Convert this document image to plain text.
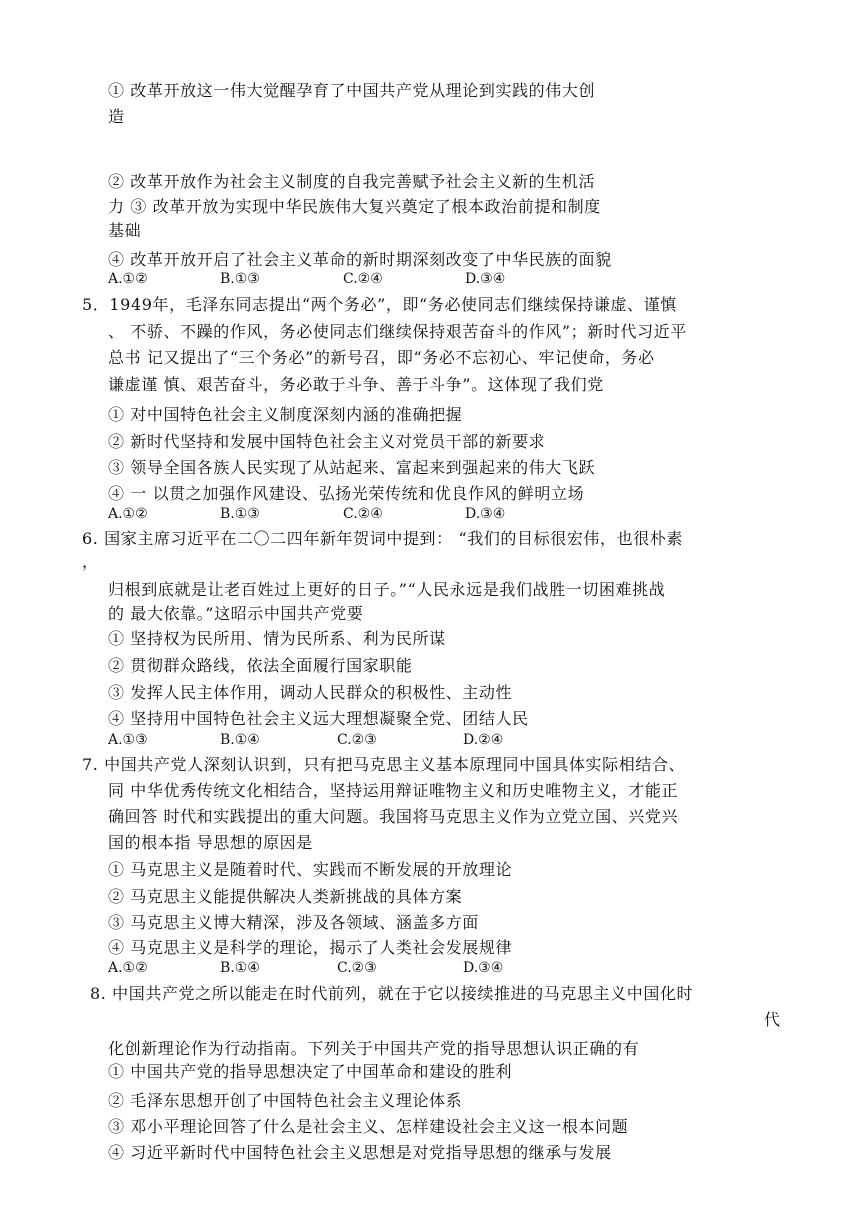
① 改革开放这一伟大觉醒孕育了中国共产党从理论到实践的伟大创
造
② 改革开放作为社会主义制度的自我完善赋予社会主义新的生机活
力 ③ 改革开放为实现中华民族伟大复兴奠定了根本政治前提和制度
基础
④ 改革开放开启了社会主义革命的新时期深刻改变了中华民族的面貌
A.①②	B.①③	C.②④	D.③④
5．1949年，毛泽东同志提出“两个务必”，即“务必使同志们继续保持谦虚、谨慎
、 不骄、不躁的作风，务必使同志们继续保持艰苦奋斗的作风”；新时代习近平
总书 记又提出了“三个务必”的新号召，即“务必不忘初心、牢记使命，务必
谦虚谨 慎、艰苦奋斗，务必敢于斗争、善于斗争”。这体现了我们党
① 对中国特色社会主义制度深刻内涵的准确把握
② 新时代坚持和发展中国特色社会主义对党员干部的新要求
③ 领导全国各族人民实现了从站起来、富起来到强起来的伟大飞跃
④ 一 以贯之加强作风建设、弘扬光荣传统和优良作风的鲜明立场
A.①②	B.①③	C.②④	D.③④
6. 国家主席习近平在二〇二四年新年贺词中提到： “我们的目标很宏伟，也很朴素
，
归根到底就是让老百姓过上更好的日子。”“人民永远是我们战胜一切困难挑战
的 最大依靠。”这昭示中国共产党要
① 坚持权为民所用、情为民所系、利为民所谋
② 贯彻群众路线，依法全面履行国家职能
③ 发挥人民主体作用，调动人民群众的积极性、主动性
④ 坚持用中国特色社会主义远大理想凝聚全党、团结人民
A.①③	B.①④	C.②③	D.②④
7. 中国共产党人深刻认识到，只有把马克思主义基本原理同中国具体实际相结合、
同 中华优秀传统文化相结合，坚持运用辩证唯物主义和历史唯物主义，才能正
确回答 时代和实践提出的重大问题。我国将马克思主义作为立党立国、兴党兴
国的根本指 导思想的原因是
① 马克思主义是随着时代、实践而不断发展的开放理论
② 马克思主义能提供解决人类新挑战的具体方案
③ 马克思主义博大精深，涉及各领域、涵盖多方面
④ 马克思主义是科学的理论，揭示了人类社会发展规律
A.①②	B.①④	C.②③	D.③④
8. 中国共产党之所以能走在时代前列，就在于它以接续推进的马克思主义中国化时
代
化创新理论作为行动指南。下列关于中国共产党的指导思想认识正确的有
① 中国共产党的指导思想决定了中国革命和建设的胜利
② 毛泽东思想开创了中国特色社会主义理论体系
③ 邓小平理论回答了什么是社会主义、怎样建设社会主义这一根本问题
④ 习近平新时代中国特色社会主义思想是对党指导思想的继承与发展
